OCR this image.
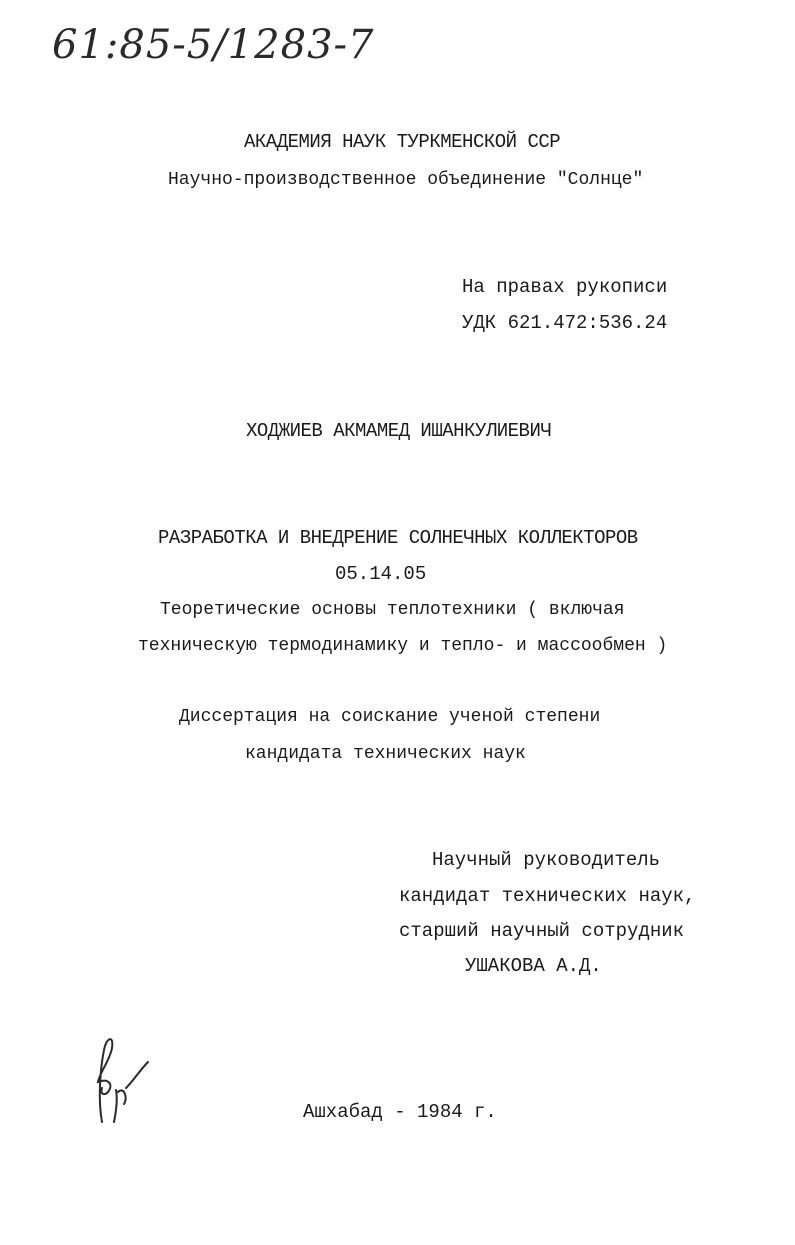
61:85-5/1283-7
АКАДЕМИЯ НАУК ТУРКМЕНСКОЙ ССР
Научно-производственное объединение "Солнце"
На правах рукописи
УДК 621.472:536.24
ХОДЖИЕВ АКМАМЕД ИШАНКУЛИЕВИЧ
РАЗРАБОТКА И ВНЕДРЕНИЕ СОЛНЕЧНЫХ КОЛЛЕКТОРОВ
05.14.05
Теоретические основы теплотехники ( включая
техническую термодинамику и тепло- и массообмен )
Диссертация на соискание ученой степени
кандидата технических наук
Научный руководитель
кандидат технических наук,
старший научный сотрудник
УШАКОВА А.Д.
Ашхабад - 1984 г.
